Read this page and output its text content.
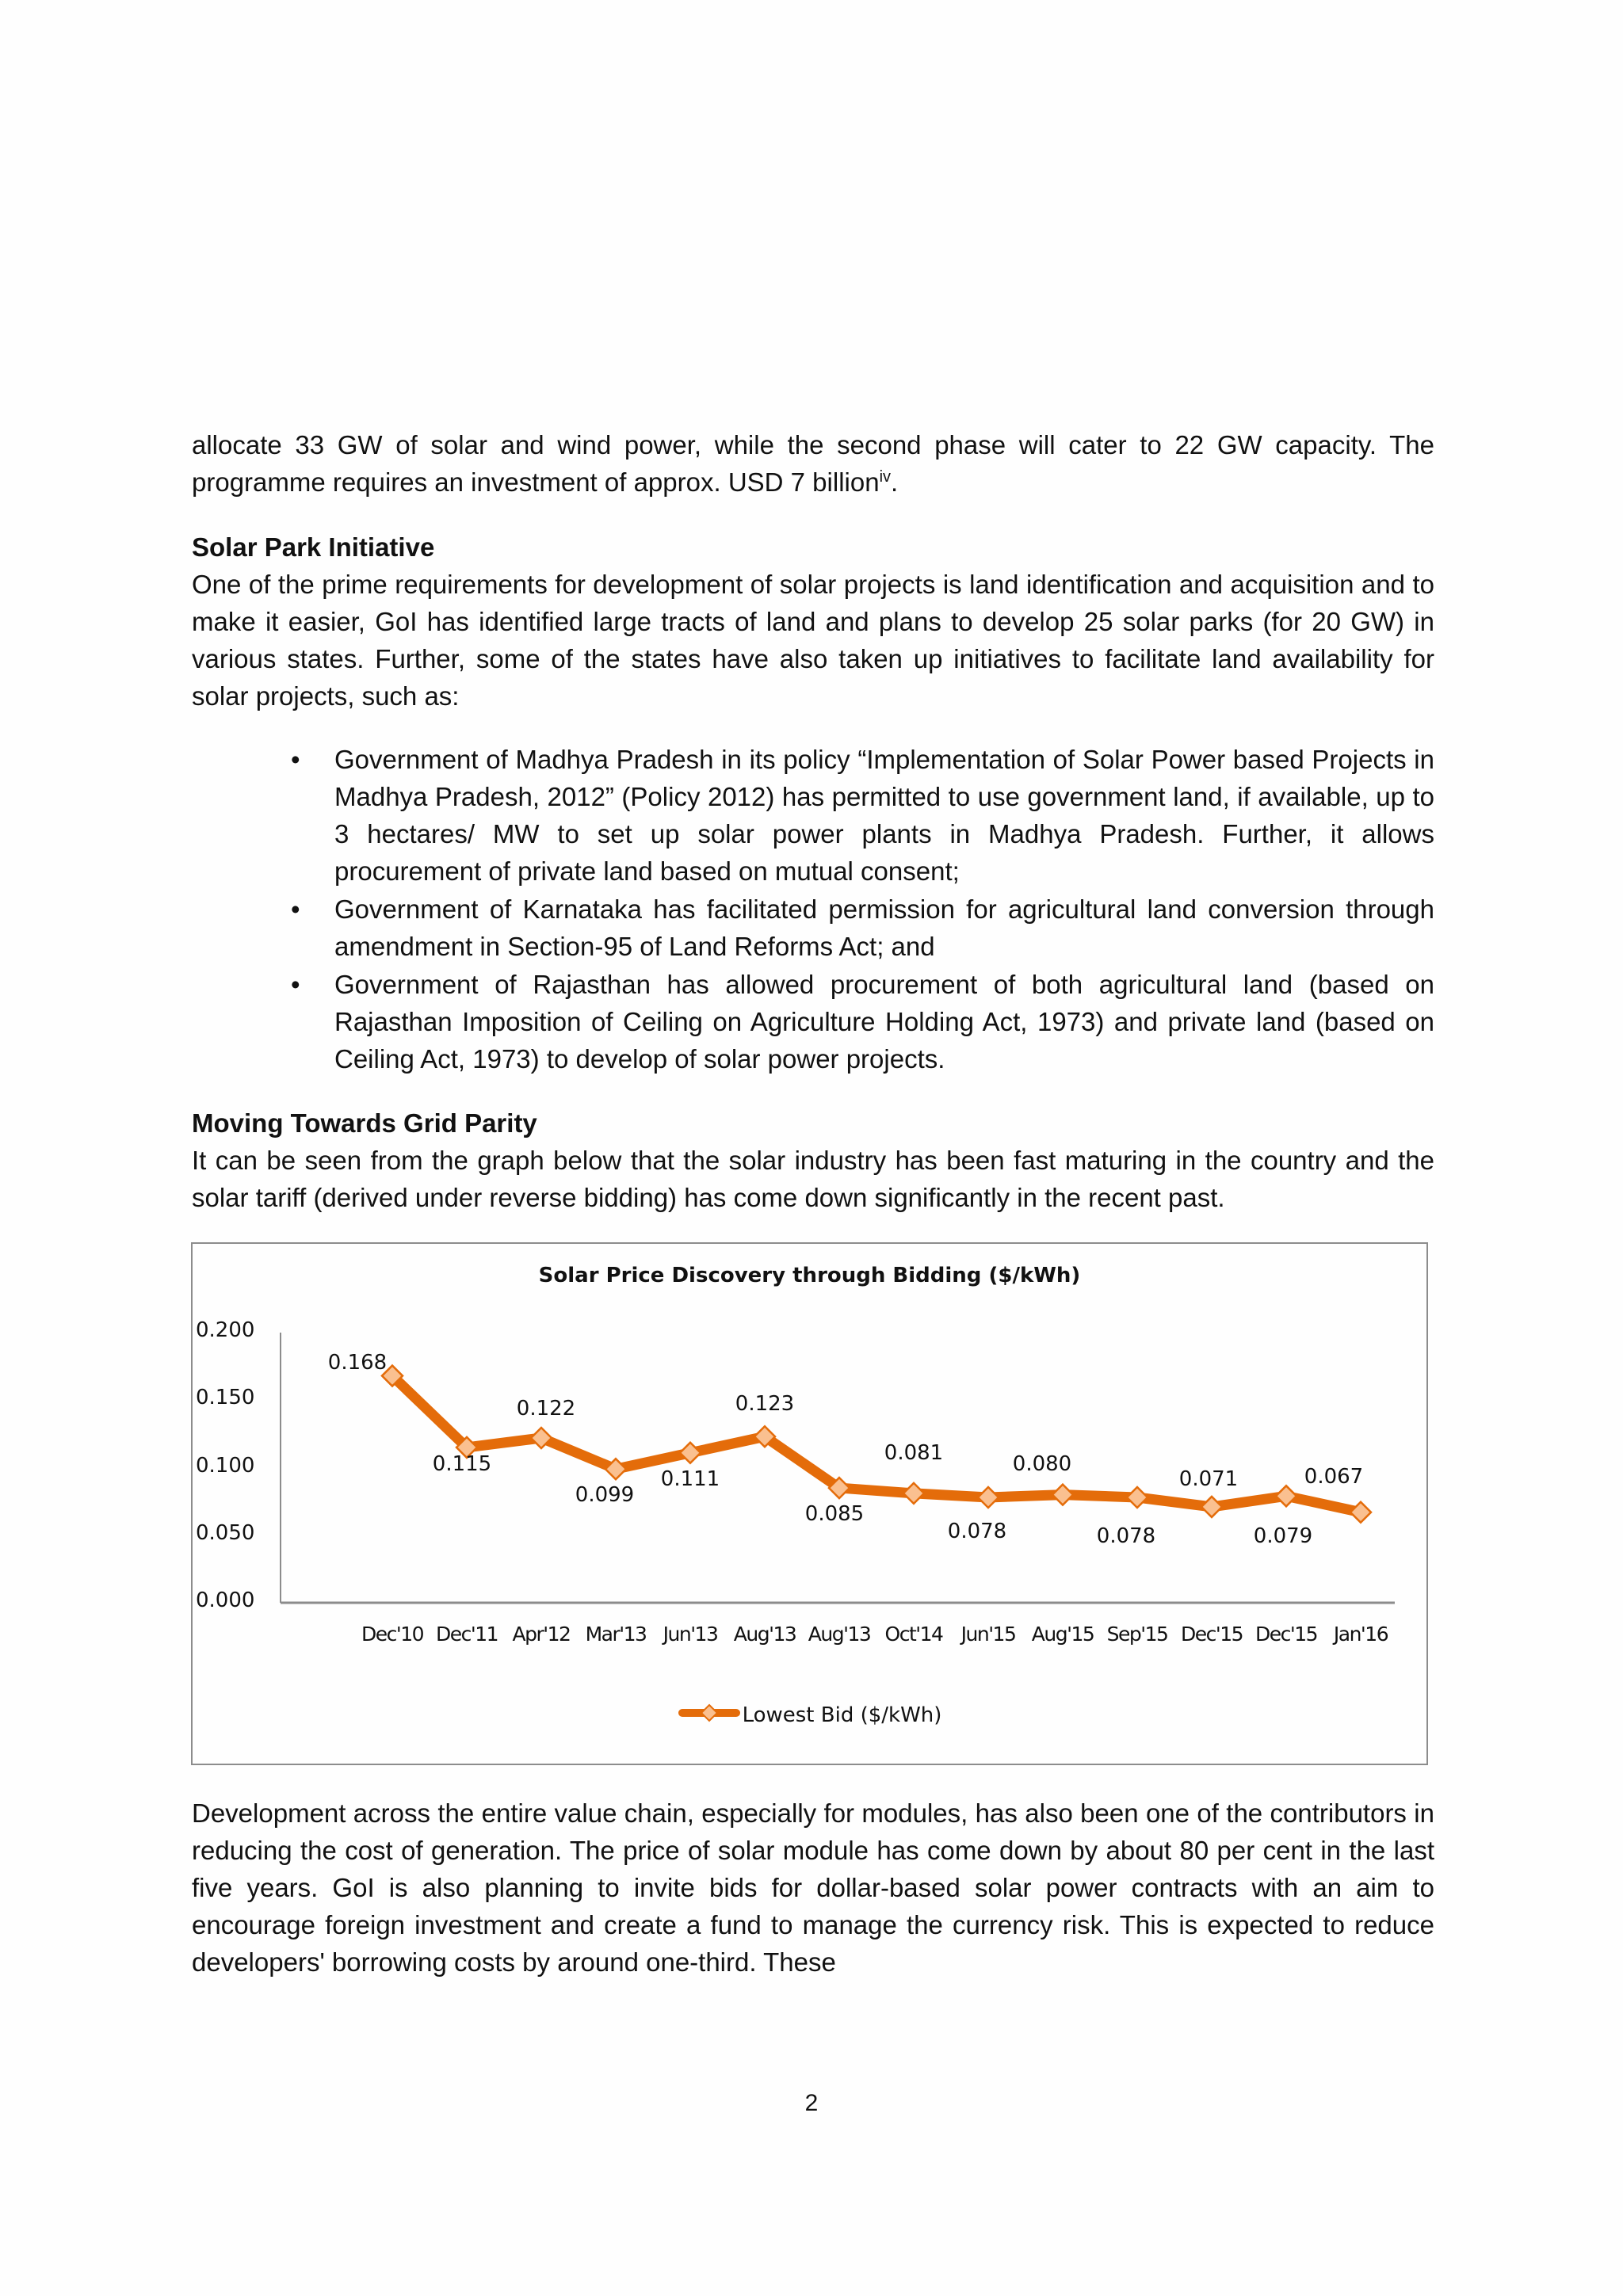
allocate 33 GW of solar and wind power, while the second phase will cater to 22 GW capacity. The programme requires an investment of approx. USD 7 billion$^{iv}$.

Solar Park Initiative

One of the prime requirements for development of solar projects is land identification and acquisition and to make it easier, GoI has identified large tracts of land and plans to develop 25 solar parks (for 20 GW) in various states. Further, some of the states have also taken up initiatives to facilitate land availability for solar projects, such as:

• Government of Madhya Pradesh in its policy “Implementation of Solar Power based Projects in Madhya Pradesh, 2012” (Policy 2012) has permitted to use government land, if available, up to 3 hectares/ MW to set up solar power plants in Madhya Pradesh. Further, it allows procurement of private land based on mutual consent;
• Government of Karnataka has facilitated permission for agricultural land conversion through amendment in Section-95 of Land Reforms Act; and
• Government of Rajasthan has allowed procurement of both agricultural land (based on Rajasthan Imposition of Ceiling on Agriculture Holding Act, 1973) and private land (based on Ceiling Act, 1973) to develop of solar power projects.

Moving Towards Grid Parity

It can be seen from the graph below that the solar industry has been fast maturing in the country and the solar tariff (derived under reverse bidding) has come down significantly in the recent past.

Solar Price Discovery through Bidding ($/kWh)
0.000
0.050
0.100
0.150
0.200
0.168
0.115
0.122
0.099
0.111
0.123
0.085
0.081
0.078
0.080
0.078
0.071
0.079
0.067
Dec'10 Dec'11 Apr'12 Mar'13 Jun'13 Aug'13 Aug'13 Oct'14 Jun'15 Aug'15 Sep'15 Dec'15 Dec'15 Jan'16
Lowest Bid ($/kWh)

Development across the entire value chain, especially for modules, has also been one of the contributors in reducing the cost of generation. The price of solar module has come down by about 80 per cent in the last five years. GoI is also planning to invite bids for dollar-based solar power contracts with an aim to encourage foreign investment and create a fund to manage the currency risk. This is expected to reduce developers' borrowing costs by around one-third. These

2
